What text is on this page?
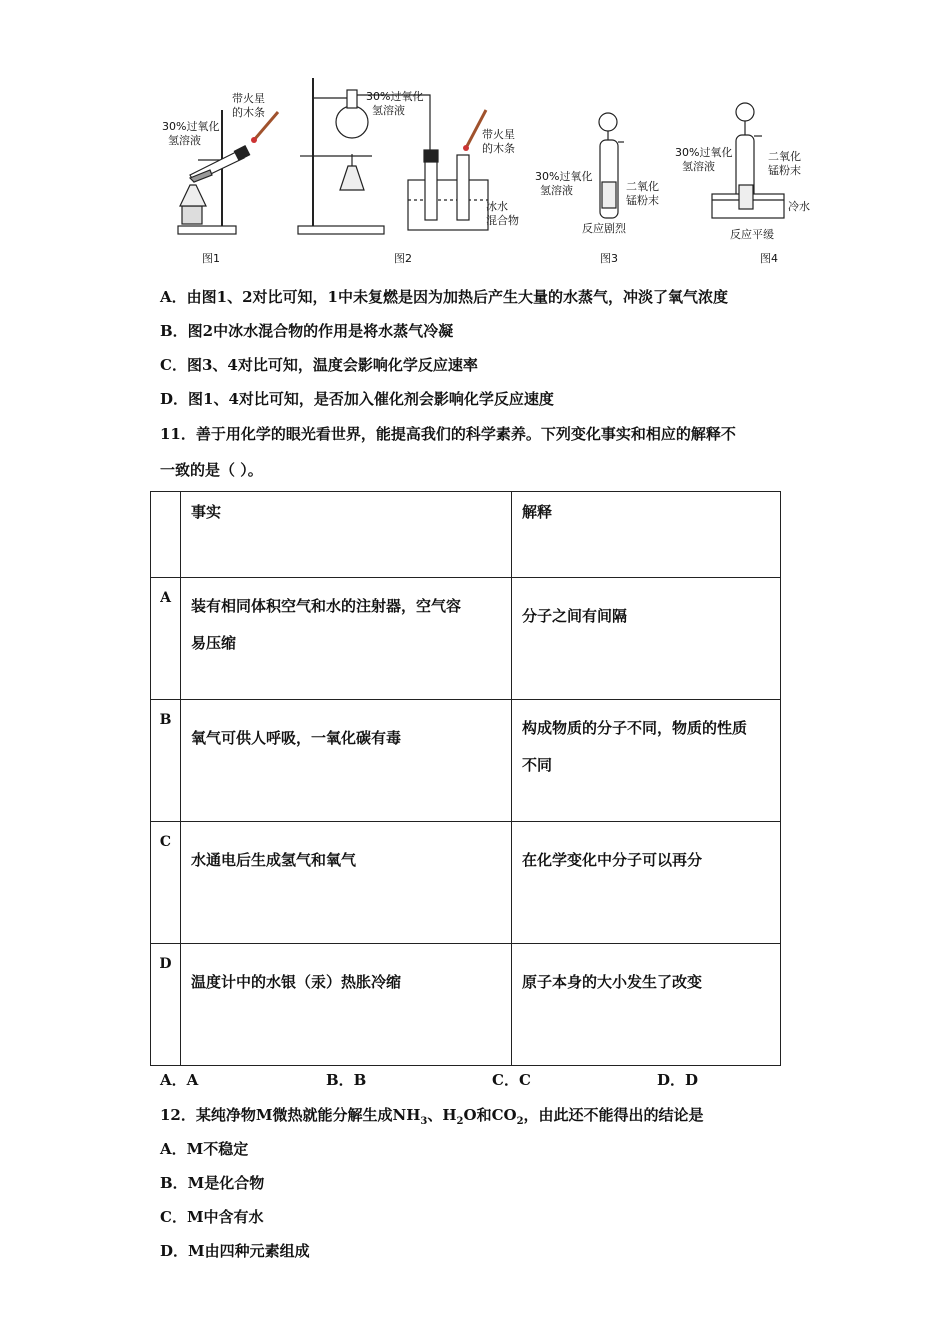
30%过氧化
氢溶液
带火星
的木条
图1
30%过氧化
氢溶液
带火星
的木条
冰水
混合物
图2
30%过氧化
氢溶液	二氧化
锰粉末
反应剧烈
图3
30%过氧化
氢溶液
二氧化
锰粉末
冷水
反应平缓
图4
A．由图1、2对比可知，1中未复燃是因为加热后产生大量的水蒸气，冲淡了氧气浓度
B．图2中冰水混合物的作用是将水蒸气冷凝
C．图3、4对比可知，温度会影响化学反应速率
D．图1、4对比可知，是否加入催化剂会影响化学反应速度
11．善于用化学的眼光看世界，能提高我们的科学素养。下列变化事实和相应的解释不
一致的是（ ）。

	事实	解释

A	装有相同体积空气和水的注射器，空气容
易压缩	分子之间有间隔

B	氧气可供人呼吸，一氧化碳有毒	构成物质的分子不同，物质的性质
不同

C	水通电后生成氢气和氧气	在化学变化中分子可以再分

D	温度计中的水银（汞）热胀冷缩	原子本身的大小发生了改变
A．A	B．B	C．C	D．D
12．某纯净物M微热就能分解生成$NH_3$、$H_2O$和$CO_2$，由此还不能得出的结论是
A．M不稳定
B．M是化合物
C．M中含有水
D．M由四种元素组成
